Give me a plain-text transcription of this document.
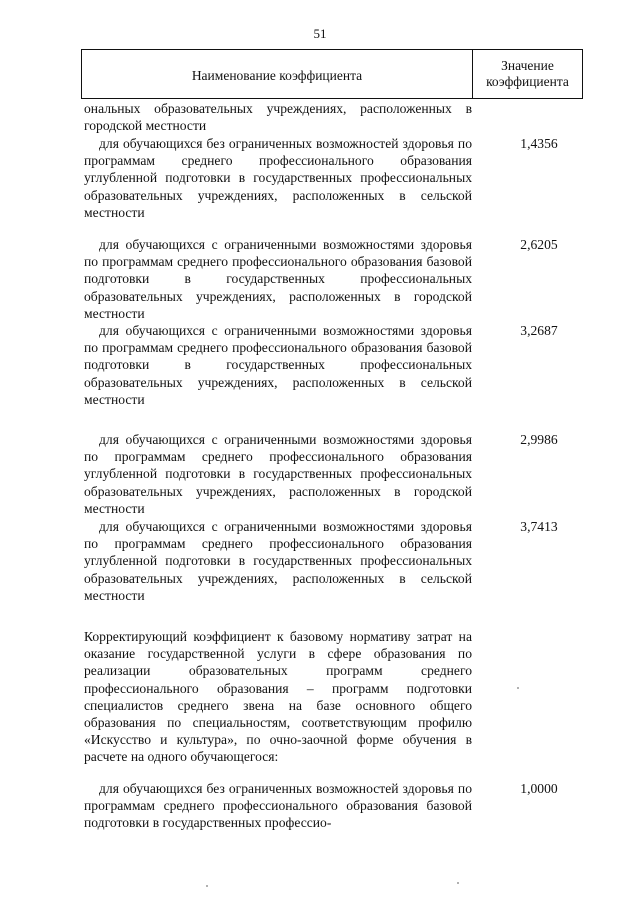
51
Наименование коэффициента
Значение
коэффициента
ональных образовательных учреждениях, расположенных в городской местности
для обучающихся без ограниченных возможностей здоровья по программам среднего профессионального образования углубленной подготовки в государственных профессиональных образовательных учреждениях, расположенных в сельской местности
1,4356
для обучающихся с ограниченными возможностями здоровья по программам среднего профессионального образования базовой подготовки в государственных профессиональных образовательных учреждениях, расположенных в городской местности
2,6205
для обучающихся с ограниченными возможностями здоровья по программам среднего профессионального образования базовой подготовки в государственных профессиональных образовательных учреждениях, расположенных в сельской местности
3,2687
для обучающихся с ограниченными возможностями здоровья по программам среднего профессионального образования углубленной подготовки в государственных профессиональных образовательных учреждениях, расположенных в городской местности
2,9986
для обучающихся с ограниченными возможностями здоровья по программам среднего профессионального образования углубленной подготовки в государственных профессиональных образовательных учреждениях, расположенных в сельской местности
3,7413
Корректирующий коэффициент к базовому нормативу затрат на оказание государственной услуги в сфере образования по реализации образовательных программ среднего профессионального образования – программ подготовки специалистов среднего звена на базе основного общего образования по специальностям, соответствующим профилю «Искусство и культура», по очно-заочной форме обучения в расчете на одного обучающегося:
для обучающихся без ограниченных возможностей здоровья по программам среднего профессионального образования базовой подготовки в государственных профессио-
1,0000
